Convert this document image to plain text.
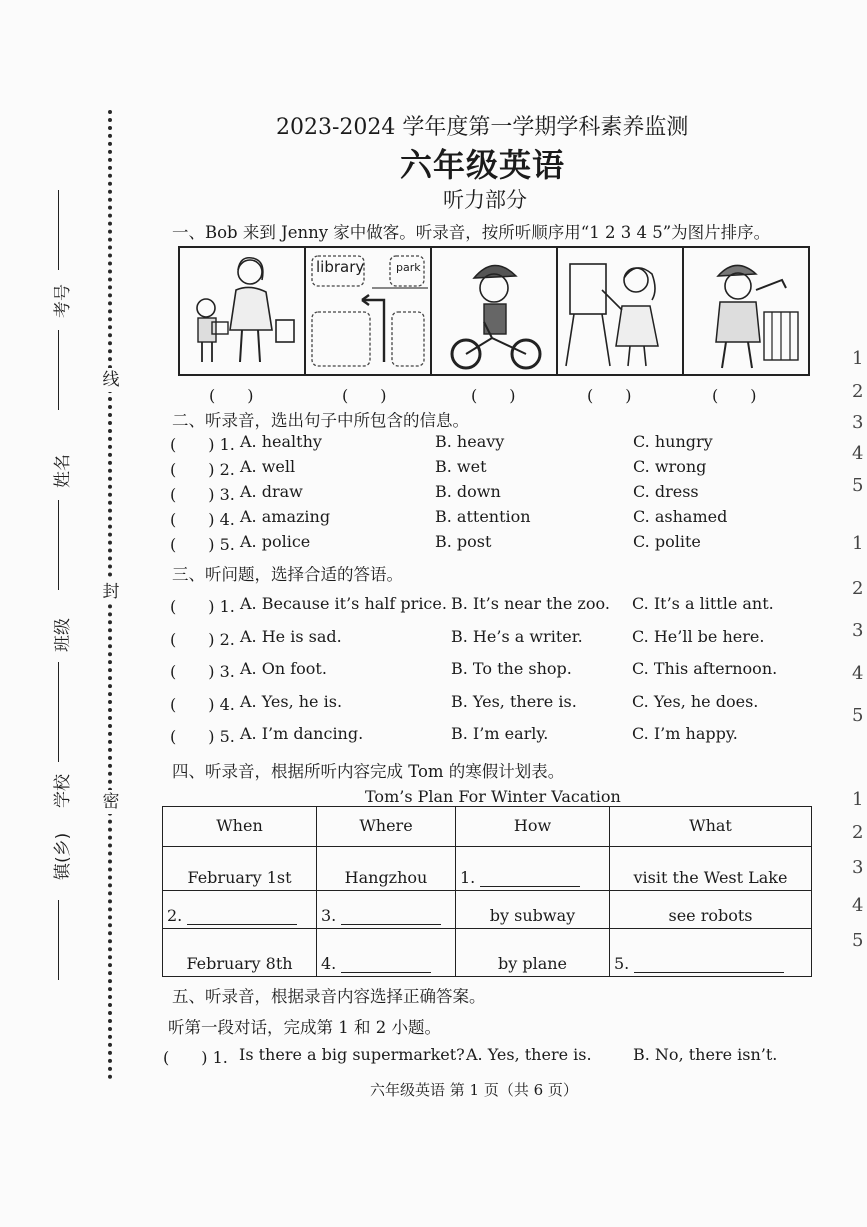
1
2
3
4
5
1
2
3
4
5
1
2
3
4
5
线
封
密
考号
姓名
班级
学校
镇(乡)
2023-2024 学年度第一学期学科素养监测
六年级英语
听力部分
一、Bob 来到 Jenny 家中做客。听录音，按所听顺序用“1 2 3 4 5”为图片排序。
library	park
(　　)	(　　)	(　　)	(　　)	(　　)
二、听录音，选出句子中所包含的信息。
(　　) 1. A. healthy	B. heavy	C. hungry
(　　) 2. A. well	B. wet	C. wrong
(　　) 3. A. draw	B. down	C. dress
(　　) 4. A. amazing	B. attention	C. ashamed
(　　) 5. A. police	B. post	C. polite
三、听问题，选择合适的答语。
(　　) 1. A. Because it’s half price. B. It’s near the zoo. C. It’s a little ant.
(　　) 2. A. He is sad.	B. He’s a writer.	C. He’ll be here.
(　　) 3. A. On foot.	B. To the shop.	C. This afternoon.
(　　) 4. A. Yes, he is.	B. Yes, there is.	C. Yes, he does.
(　　) 5. A. I’m dancing.	B. I’m early.	C. I’m happy.
四、听录音，根据所听内容完成 Tom 的寒假计划表。
Tom’s Plan For Winter Vacation
When	Where	How	What
February 1st	Hangzhou	1.	visit the West Lake
2.	3.	by subway	see robots
February 8th	4.	by plane	5.
五、听录音，根据录音内容选择正确答案。
听第一段对话，完成第 1 和 2 小题。
(　　) 1. Is there a big supermarket? A. Yes, there is.	B. No, there isn’t.
六年级英语 第 1 页（共 6 页）
